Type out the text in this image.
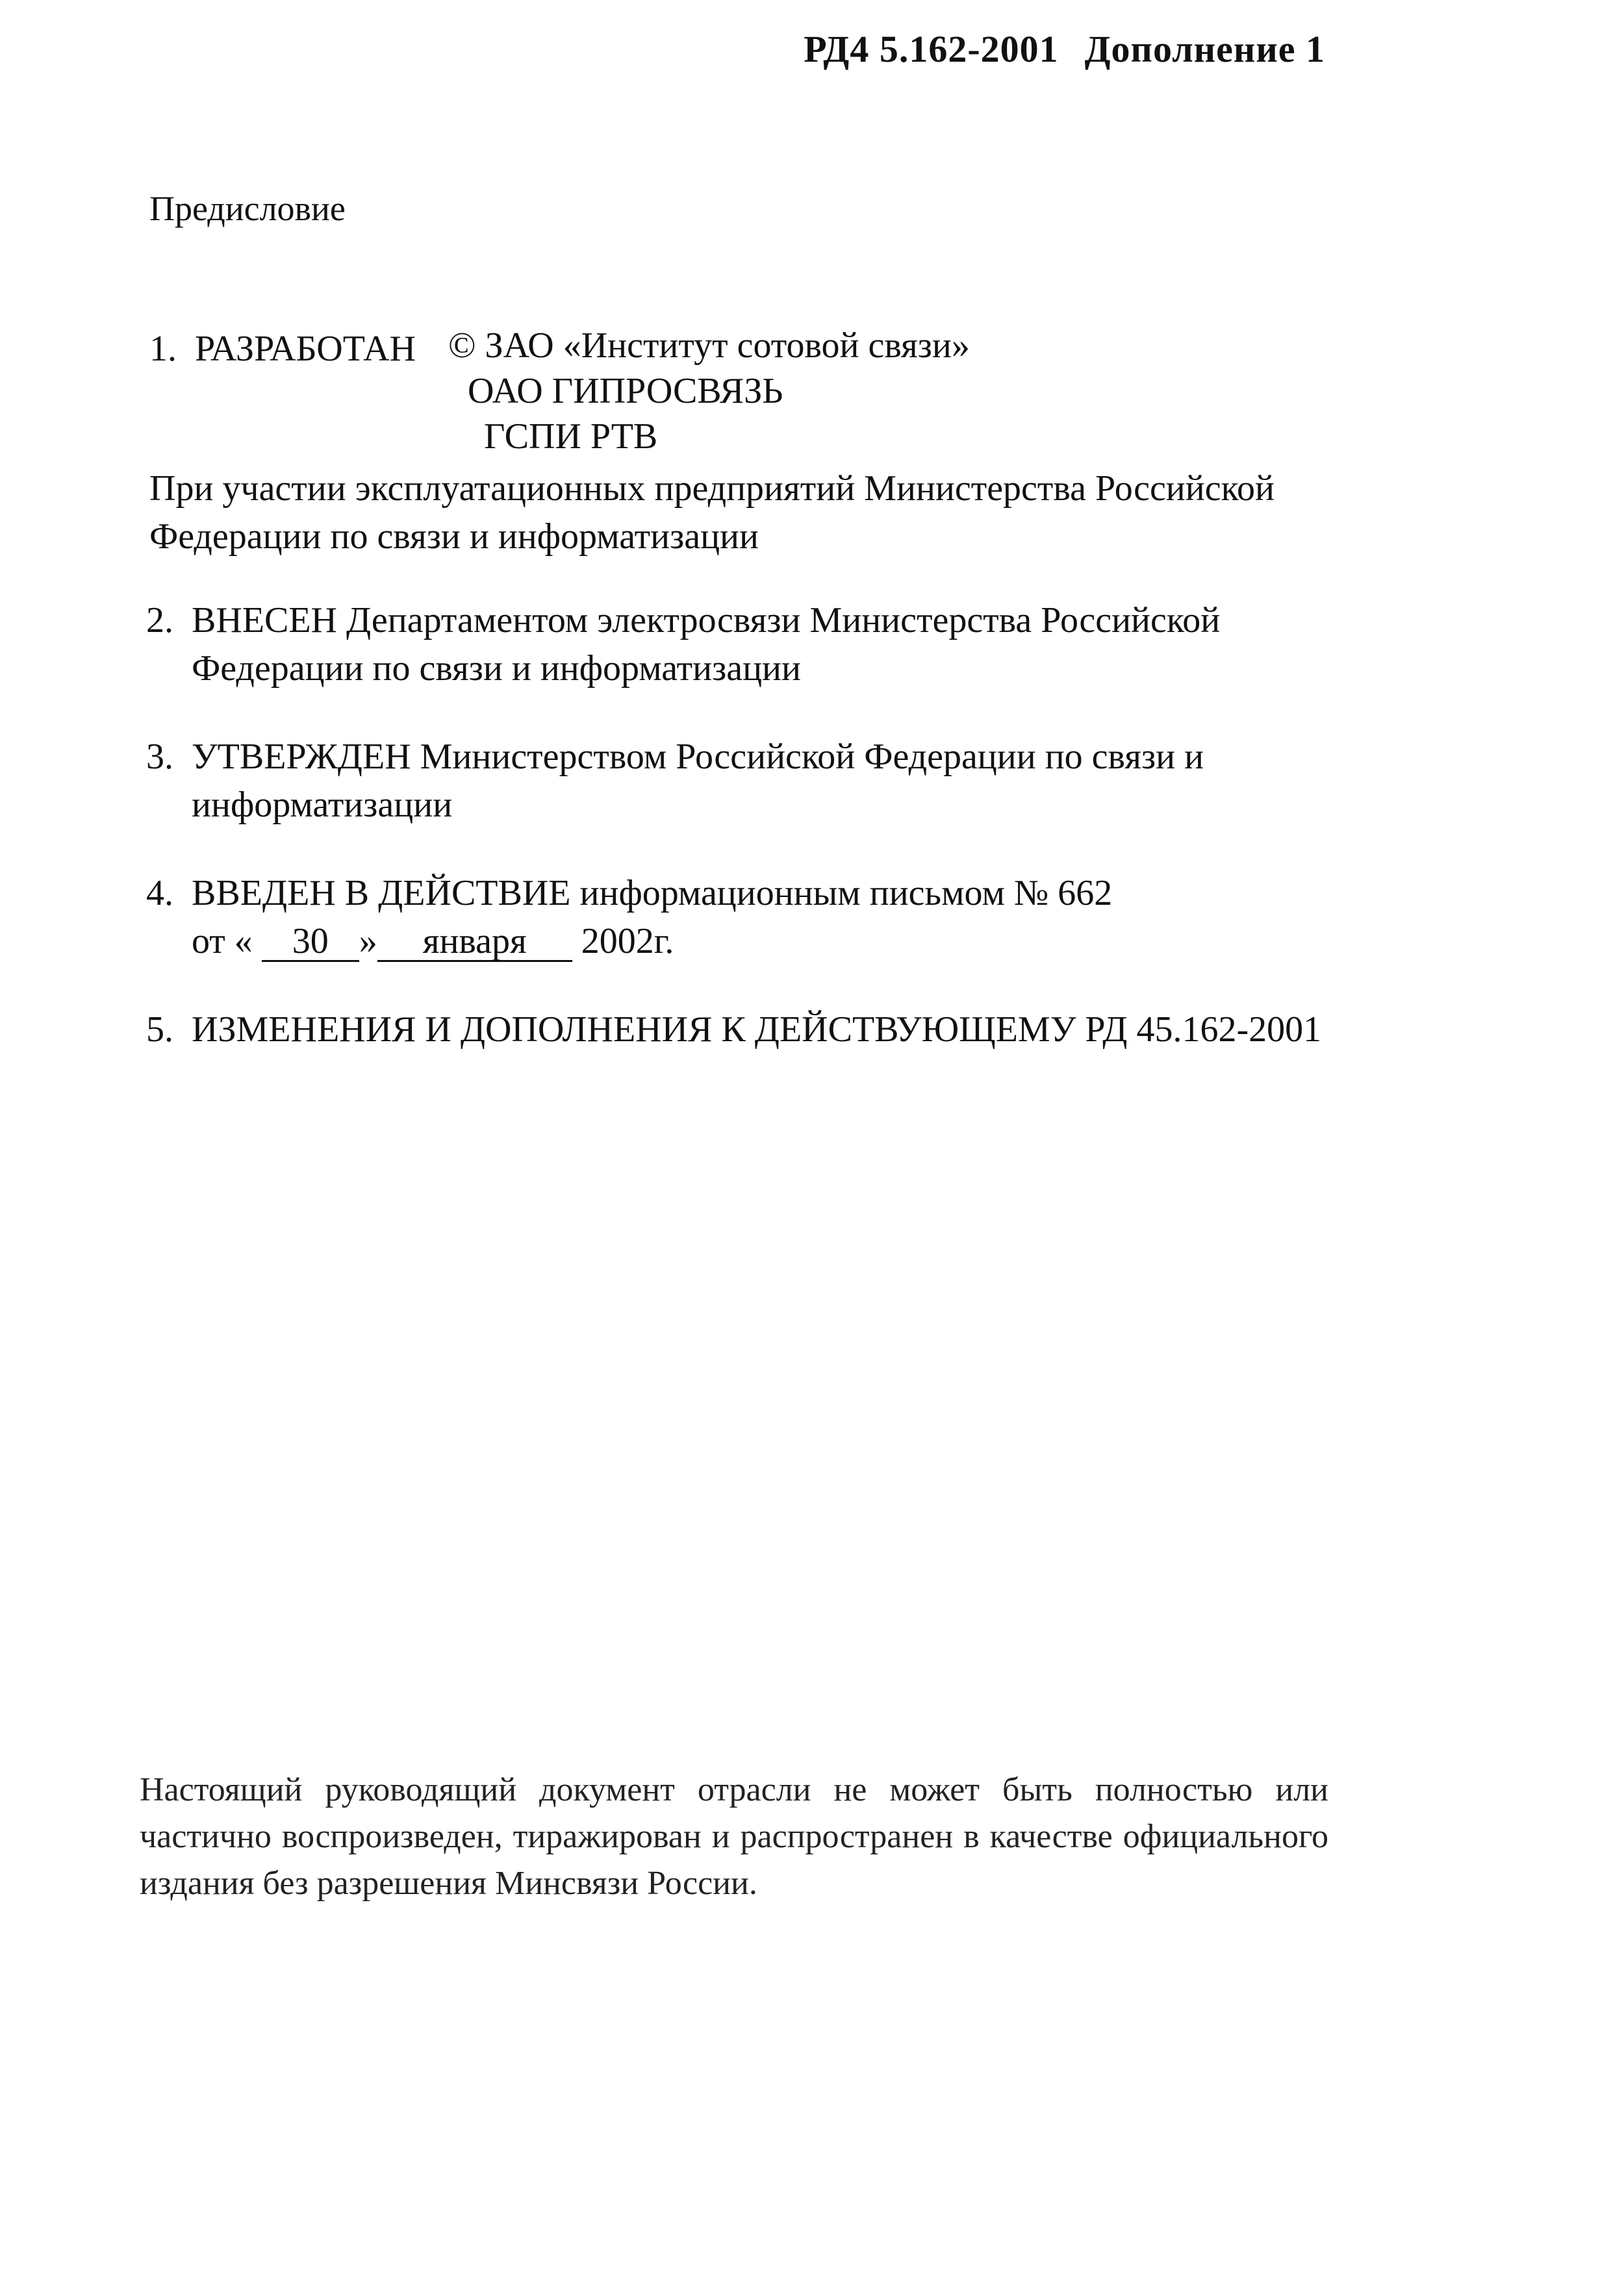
РД4 5.162-2001 Дополнение 1
Предисловие
1. РАЗРАБОТАН © ЗАО «Институт сотовой связи»
ОАО ГИПРОСВЯЗЬ
ГСПИ РТВ
При участии эксплуатационных предприятий Министерства Российской
Федерации по связи и информатизации
2. ВНЕСЕН Департаментом электросвязи Министерства Российской
Федерации по связи и информатизации
3. УТВЕРЖДЕН Министерством Российской Федерации по связи и
информатизации
4. ВВЕДЕН В ДЕЙСТВИЕ информационным письмом № 662
от « 30 » января 2002г.
5. ИЗМЕНЕНИЯ И ДОПОЛНЕНИЯ К ДЕЙСТВУЮЩЕМУ РД 45.162-2001
Настоящий руководящий документ отрасли не может быть полностью или частично воспроизведен, тиражирован и распространен в качестве официального издания без разрешения Минсвязи России.
